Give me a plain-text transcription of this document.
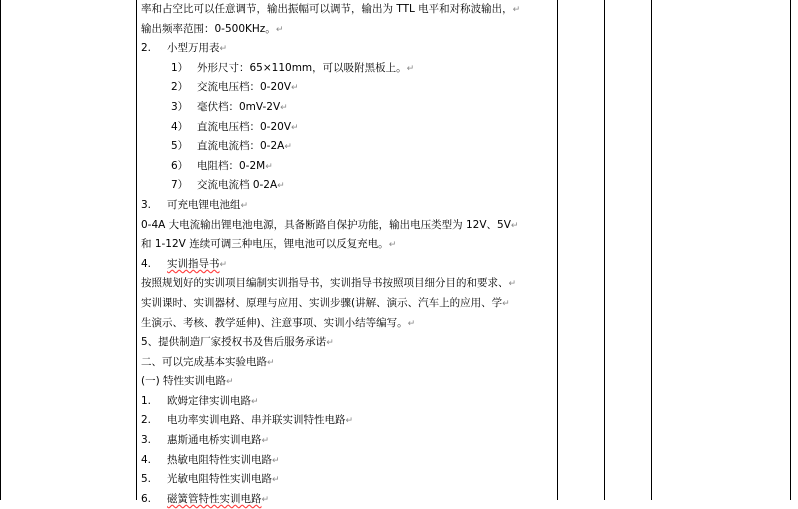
率和占空比可以任意调节，输出振幅可以调节，输出为 TTL 电平和对称波输出，↵
输出频率范围：0-500KHz。↵
2. 小型万用表↵
1） 外形尺寸：65×110mm，可以吸附黑板上。↵
2） 交流电压档：0-20V↵
3） 毫伏档：0mV-2V↵
4） 直流电压档：0-20V↵
5） 直流电流档：0-2A↵
6） 电阻档：0-2M↵
7） 交流电流档 0-2A↵
3. 可充电锂电池组↵
0-4A 大电流输出锂电池电源，具备断路自保护功能，输出电压类型为 12V、5V↵
和 1-12V 连续可调三种电压，锂电池可以反复充电。↵
4. 实训指导书↵
按照规划好的实训项目编制实训指导书，实训指导书按照项目细分目的和要求、↵
实训课时、实训器材、原理与应用、实训步骤(讲解、演示、汽车上的应用、学↵
生演示、考核、教学延伸)、注意事项、实训小结等编写。↵
5、提供制造厂家授权书及售后服务承诺↵
二、可以完成基本实验电路↵
(一) 特性实训电路↵
1. 欧姆定律实训电路↵
2. 电功率实训电路、串并联实训特性电路↵
3. 惠斯通电桥实训电路↵
4. 热敏电阻特性实训电路↵
5. 光敏电阻特性实训电路↵
6. 磁簧管特性实训电路↵
